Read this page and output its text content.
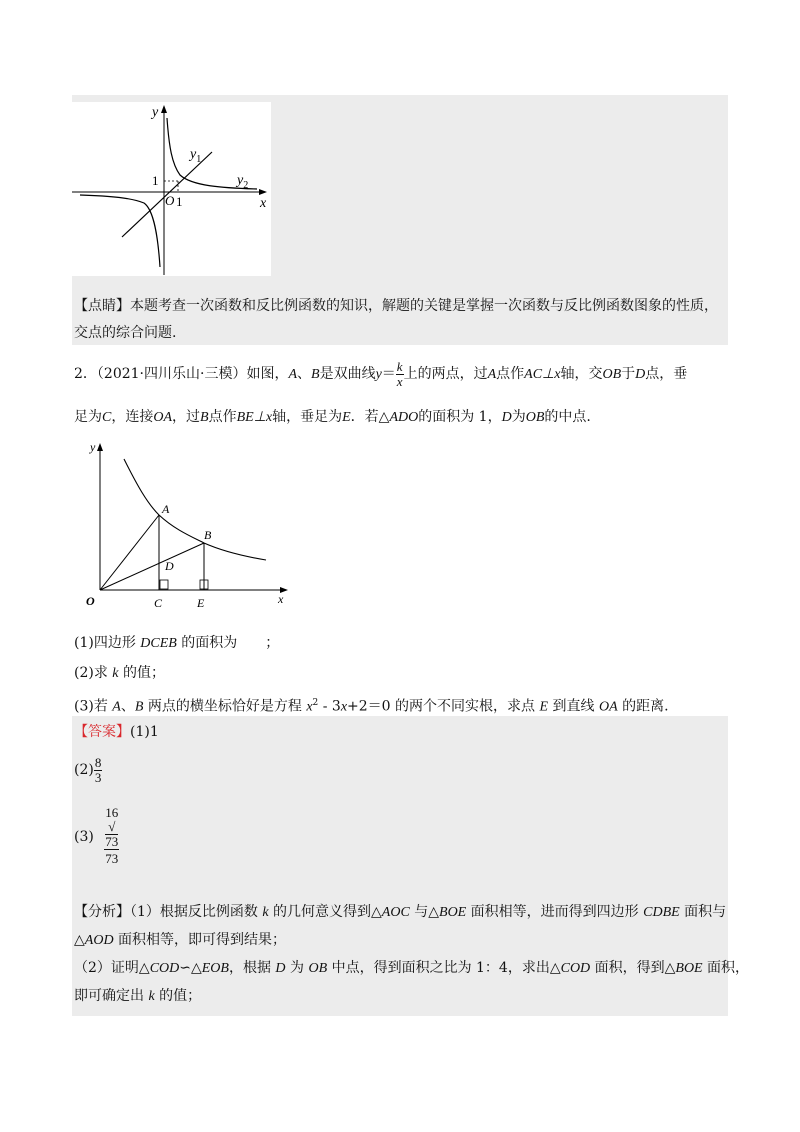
y
x
O 1
1
$y_1$
$y_2$
【点睛】本题考查一次函数和反比例函数的知识，解题的关键是掌握一次函数与反比例函数图象的性质，
交点的综合问题.
2．（2021·四川乐山·三模）如图，A、B是双曲线$y= \frac{k}{x}$ 上的两点，过A点作AC⊥x轴，交OB于D点，垂
足为C，连接OA，过B点作BE⊥x轴，垂足为E．若△ADO的面积为 1，D为OB的中点.
y
x
O
A
B
C
D
E
(1)四边形 DCEB 的面积为　　；
(2)求 k 的值；
(3)若 A、B 两点的横坐标恰好是方程 $x^2 - 3x+2=0$ 的两个不同实根，求点 E 到直线 OA 的距离.
【答案】(1)1
$(2) \frac{8}{3}$
(3) 16
√
73
73
【分析】（1）根据反比例函数 k 的几何意义得到△AOC 与△BOE 面积相等，进而得到四边形 CDBE 面积与
△AOD 面积相等，即可得到结果；
（2）证明△COD∽△EOB，根据 D 为 OB 中点，得到面积之比为 1：4，求出△COD 面积，得到△BOE 面积，
即可确定出 k 的值；
